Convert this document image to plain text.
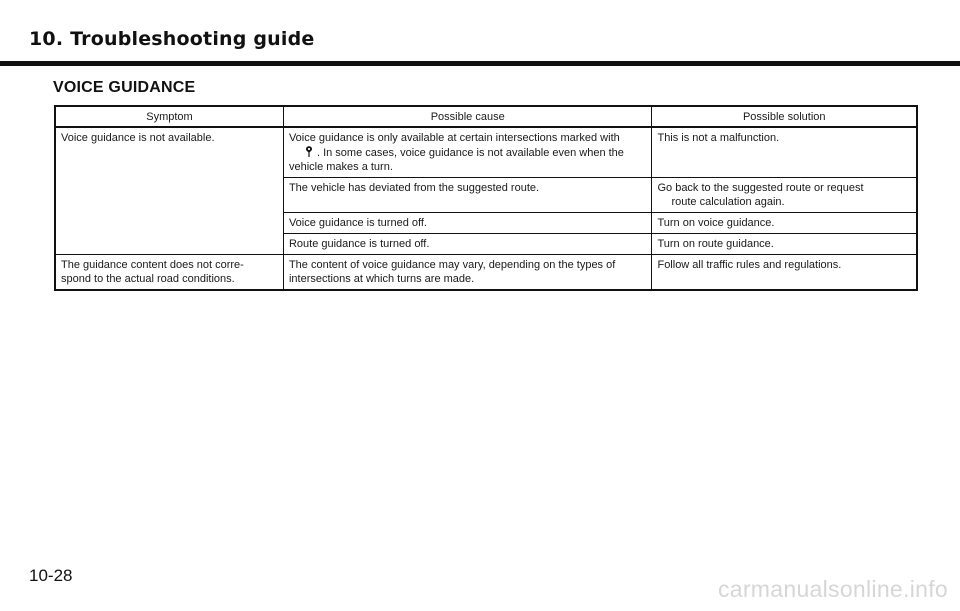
10. Troubleshooting guide
VOICE GUIDANCE
Symptom	Possible cause	Possible solution
Voice guidance is not available.	Voice guidance is only available at certain intersections marked with
. In some cases, voice guidance is not available even when the
vehicle makes a turn.	This is not a malfunction.
	The vehicle has deviated from the suggested route.	Go back to the suggested route or request
route calculation again.

	Voice guidance is turned off.	Turn on voice guidance.
	Route guidance is turned off.	Turn on route guidance.
The guidance content does not corre-
spond to the actual road conditions.	The content of voice guidance may vary, depending on the types of
intersections at which turns are made.	Follow all traffic rules and regulations.

10-28

carmanualsonline.info
